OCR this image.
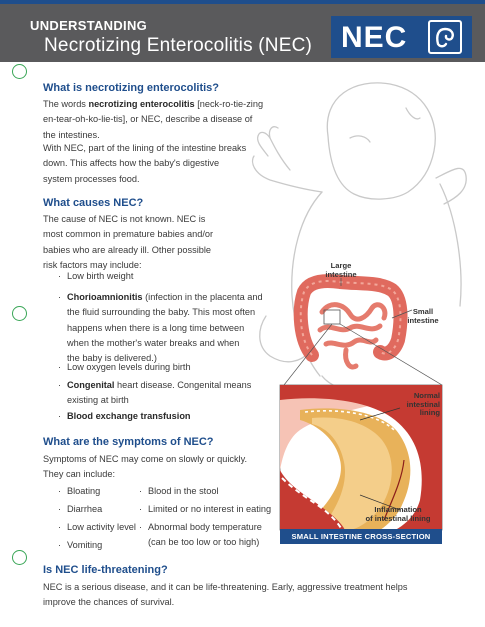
UNDERSTANDING
Necrotizing Enterocolitis (NEC) NEC
Large
intestine
Small
intestine
Normal
intestinal
lining
Inflammation
of intestinal lining
SMALL INTESTINE CROSS-SECTION
What is necrotizing enterocolitis?
The words necrotizing enterocolitis [neck-ro-tie-zing
en-tear-oh-ko-lie-tis], or NEC, describe a disease of
the intestines.
With NEC, part of the lining of the intestine breaks
down. This affects how the baby's digestive
system processes food.
What causes NEC?
The cause of NEC is not known. NEC is
most common in premature babies and/or
babies who are already ill. Other possible
risk factors may include:
· Low birth weight
· Chorioamnionitis (infection in the placenta and
the fluid surrounding the baby. This most often
happens when there is a long time between
when the mother's water breaks and when
the baby is delivered.)
· Low oxygen levels during birth
· Congenital heart disease. Congenital means
existing at birth
· Blood exchange transfusion
What are the symptoms of NEC?
Symptoms of NEC may come on slowly or quickly.
They can include:
· Bloating
· Diarrhea
· Low activity level
· Vomiting
· Blood in the stool
· Limited or no interest in eating
· Abnormal body temperature
(can be too low or too high)
Is NEC life-threatening?
NEC is a serious disease, and it can be life-threatening. Early, aggressive treatment helps
improve the chances of survival.
